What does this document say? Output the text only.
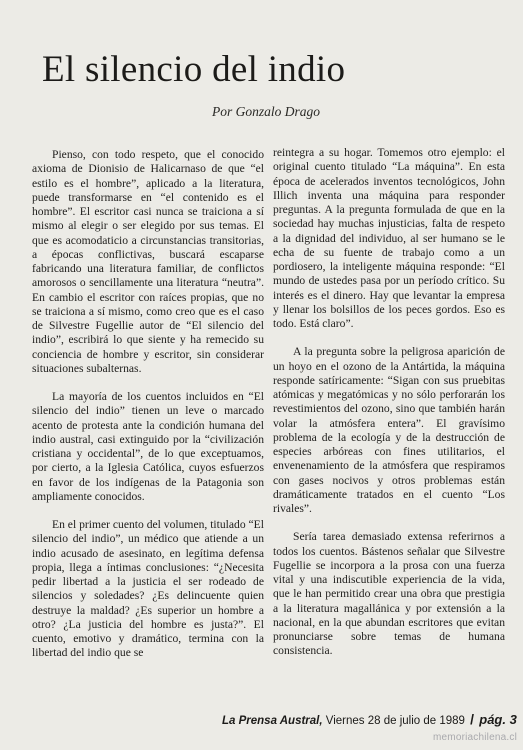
El silencio del indio
Por Gonzalo Drago

Pienso, con todo respeto, que el conocido axioma de Dionisio de Halicarnaso de que “el estilo es el hombre”, aplicado a la literatura, puede transformarse en “el contenido es el hombre”. El escritor casi nunca se traiciona a sí mismo al elegir o ser elegido por sus temas. El que es acomodaticio a circunstancias transitorias, a épocas conflictivas, buscará escaparse fabricando una literatura familiar, de conflictos amorosos o sencillamente una literatura “neutra”. En cambio el escritor con raíces propias, que no se traiciona a sí mismo, como creo que es el caso de Silvestre Fugellie autor de “El silencio del indio”, escribirá lo que siente y ha remecido su conciencia de hombre y escritor, sin considerar situaciones subalternas.

La mayoría de los cuentos incluidos en “El silencio del indio” tienen un leve o marcado acento de protesta ante la condición humana del indio austral, casi extinguido por la “civilización cristiana y occidental”, de lo que exceptuamos, por cierto, a la Iglesia Católica, cuyos esfuerzos en favor de los indígenas de la Patagonia son ampliamente conocidos.

En el primer cuento del volumen, titulado “El silencio del indio”, un médico que atiende a un indio acusado de asesinato, en legítima defensa propia, llega a íntimas conclusiones: “¿Necesita pedir libertad a la justicia el ser rodeado de silencios y soledades? ¿Es delincuente quien destruye la maldad? ¿Es superior un hombre a otro? ¿La justicia del hombre es justa?”. El cuento, emotivo y dramático, termina con la libertad del indio que se

reintegra a su hogar. Tomemos otro ejemplo: el original cuento titulado “La máquina”. En esta época de acelerados inventos tecnológicos, John Illich inventa una máquina para responder preguntas. A la pregunta formulada de que en la sociedad hay muchas injusticias, falta de respeto a la dignidad del individuo, al ser humano se le echa de su fuente de trabajo como a un pordiosero, la inteligente máquina responde: “El mundo de ustedes pasa por un período crítico. Su interés es el dinero. Hay que levantar la empresa y llenar los bolsillos de los peces gordos. Eso es todo. Está claro”.

A la pregunta sobre la peligrosa aparición de un hoyo en el ozono de la Antártida, la máquina responde satíricamente: “Sigan con sus pruebitas atómicas y megatómicas y no sólo perforarán los revestimientos del ozono, sino que también harán volar la atmósfera entera”. El gravísimo problema de la ecología y de la destrucción de especies arbóreas con fines utilitarios, el envenenamiento de la atmósfera que respiramos con gases nocivos y otros problemas están dramáticamente tratados en el cuento “Los rivales”.

Sería tarea demasiado extensa referirnos a todos los cuentos. Bástenos señalar que Silvestre Fugellie se incorpora a la prosa con una fuerza vital y una indiscutible experiencia de la vida, que le han permitido crear una obra que prestigia a la literatura magallánica y por extensión a la nacional, en la que abundan escritores que evitan pronunciarse sobre temas de humana consistencia.

La Prensa Austral, Viernes 28 de julio de 1989 / pág. 3
memoriachilena.cl
